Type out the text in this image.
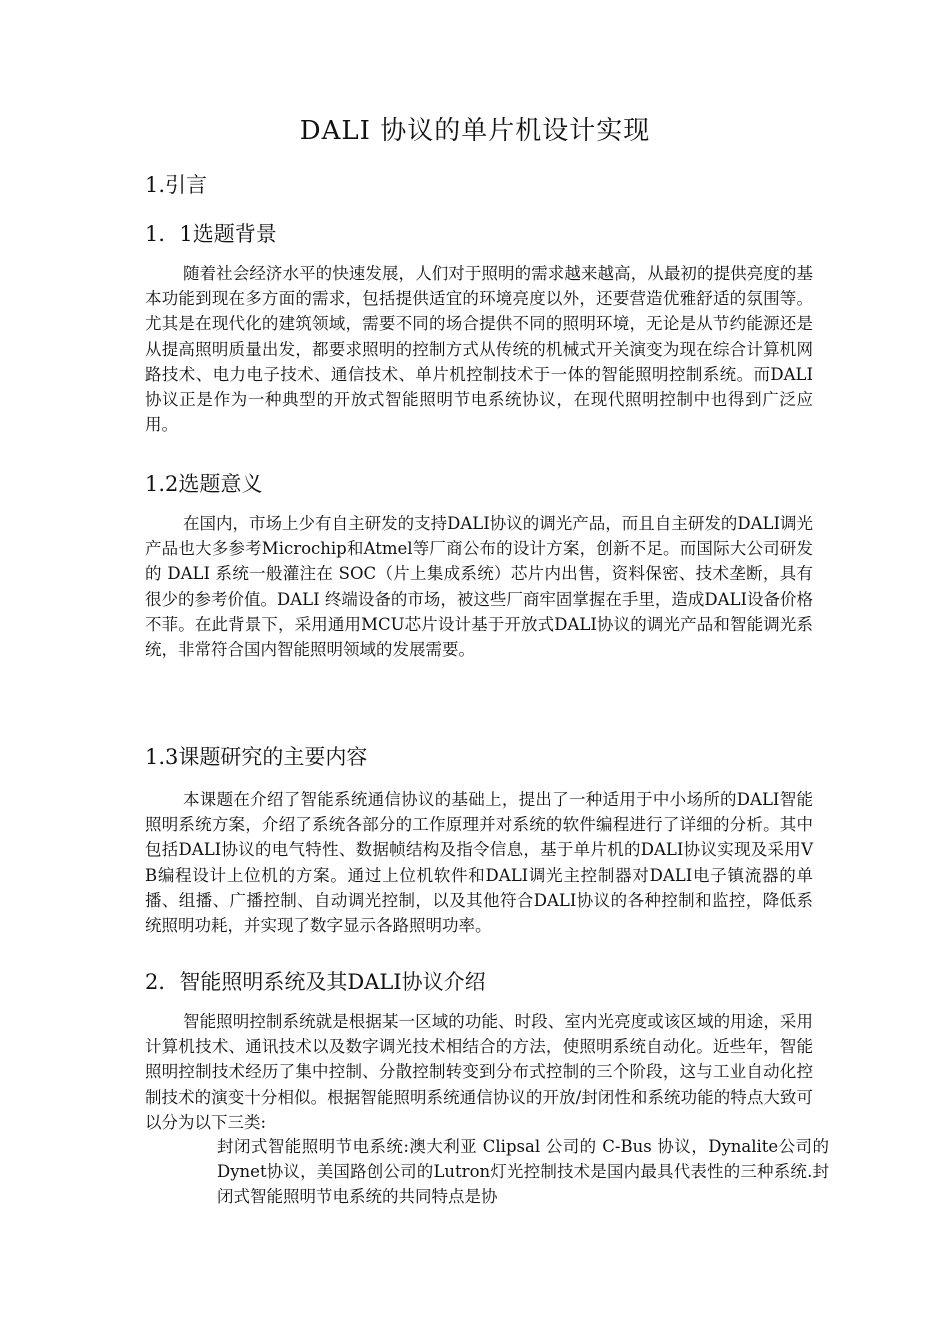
DALI 协议的单片机设计实现
1.引言
1．1选题背景
随着社会经济水平的快速发展，人们对于照明的需求越来越高，从最初的提供亮度的基本功能到现在多方面的需求，包括提供适宜的环境亮度以外，还要营造优雅舒适的氛围等。尤其是在现代化的建筑领域，需要不同的场合提供不同的照明环境，无论是从节约能源还是从提高照明质量出发，都要求照明的控制方式从传统的机械式开关演变为现在综合计算机网路技术、电力电子技术、通信技术、单片机控制技术于一体的智能照明控制系统。而DALI协议正是作为一种典型的开放式智能照明节电系统协议，在现代照明控制中也得到广泛应用。
1.2选题意义
在国内，市场上少有自主研发的支持DALI协议的调光产品，而且自主研发的DALI调光产品也大多参考Microchip和Atmel等厂商公布的设计方案，创新不足。而国际大公司研发的 DALI 系统一般灌注在 SOC（片上集成系统）芯片内出售，资料保密、技术垄断，具有很少的参考价值。DALI 终端设备的市场，被这些厂商牢固掌握在手里，造成DALI设备价格不菲。在此背景下，采用通用MCU芯片设计基于开放式DALI协议的调光产品和智能调光系统，非常符合国内智能照明领域的发展需要。
1.3课题研究的主要内容
本课题在介绍了智能系统通信协议的基础上，提出了一种适用于中小场所的DALI智能照明系统方案，介绍了系统各部分的工作原理并对系统的软件编程进行了详细的分析。其中包括DALI协议的电气特性、数据帧结构及指令信息，基于单片机的DALI协议实现及采用VB编程设计上位机的方案。通过上位机软件和DALI调光主控制器对DALI电子镇流器的单播、组播、广播控制、自动调光控制，以及其他符合DALI协议的各种控制和监控，降低系统照明功耗，并实现了数字显示各路照明功率。
2．智能照明系统及其DALI协议介绍
智能照明控制系统就是根据某一区域的功能、时段、室内光亮度或该区域的用途，采用计算机技术、通讯技术以及数字调光技术相结合的方法，使照明系统自动化。近些年，智能照明控制技术经历了集中控制、分散控制转变到分布式控制的三个阶段，这与工业自动化控制技术的演变十分相似。根据智能照明系统通信协议的开放/封闭性和系统功能的特点大致可以分为以下三类:
封闭式智能照明节电系统:澳大利亚 Clipsal 公司的 C-Bus 协议，Dynalite公司的Dynet协议，美国路创公司的Lutron灯光控制技术是国内最具代表性的三种系统.封闭式智能照明节电系统的共同特点是协
